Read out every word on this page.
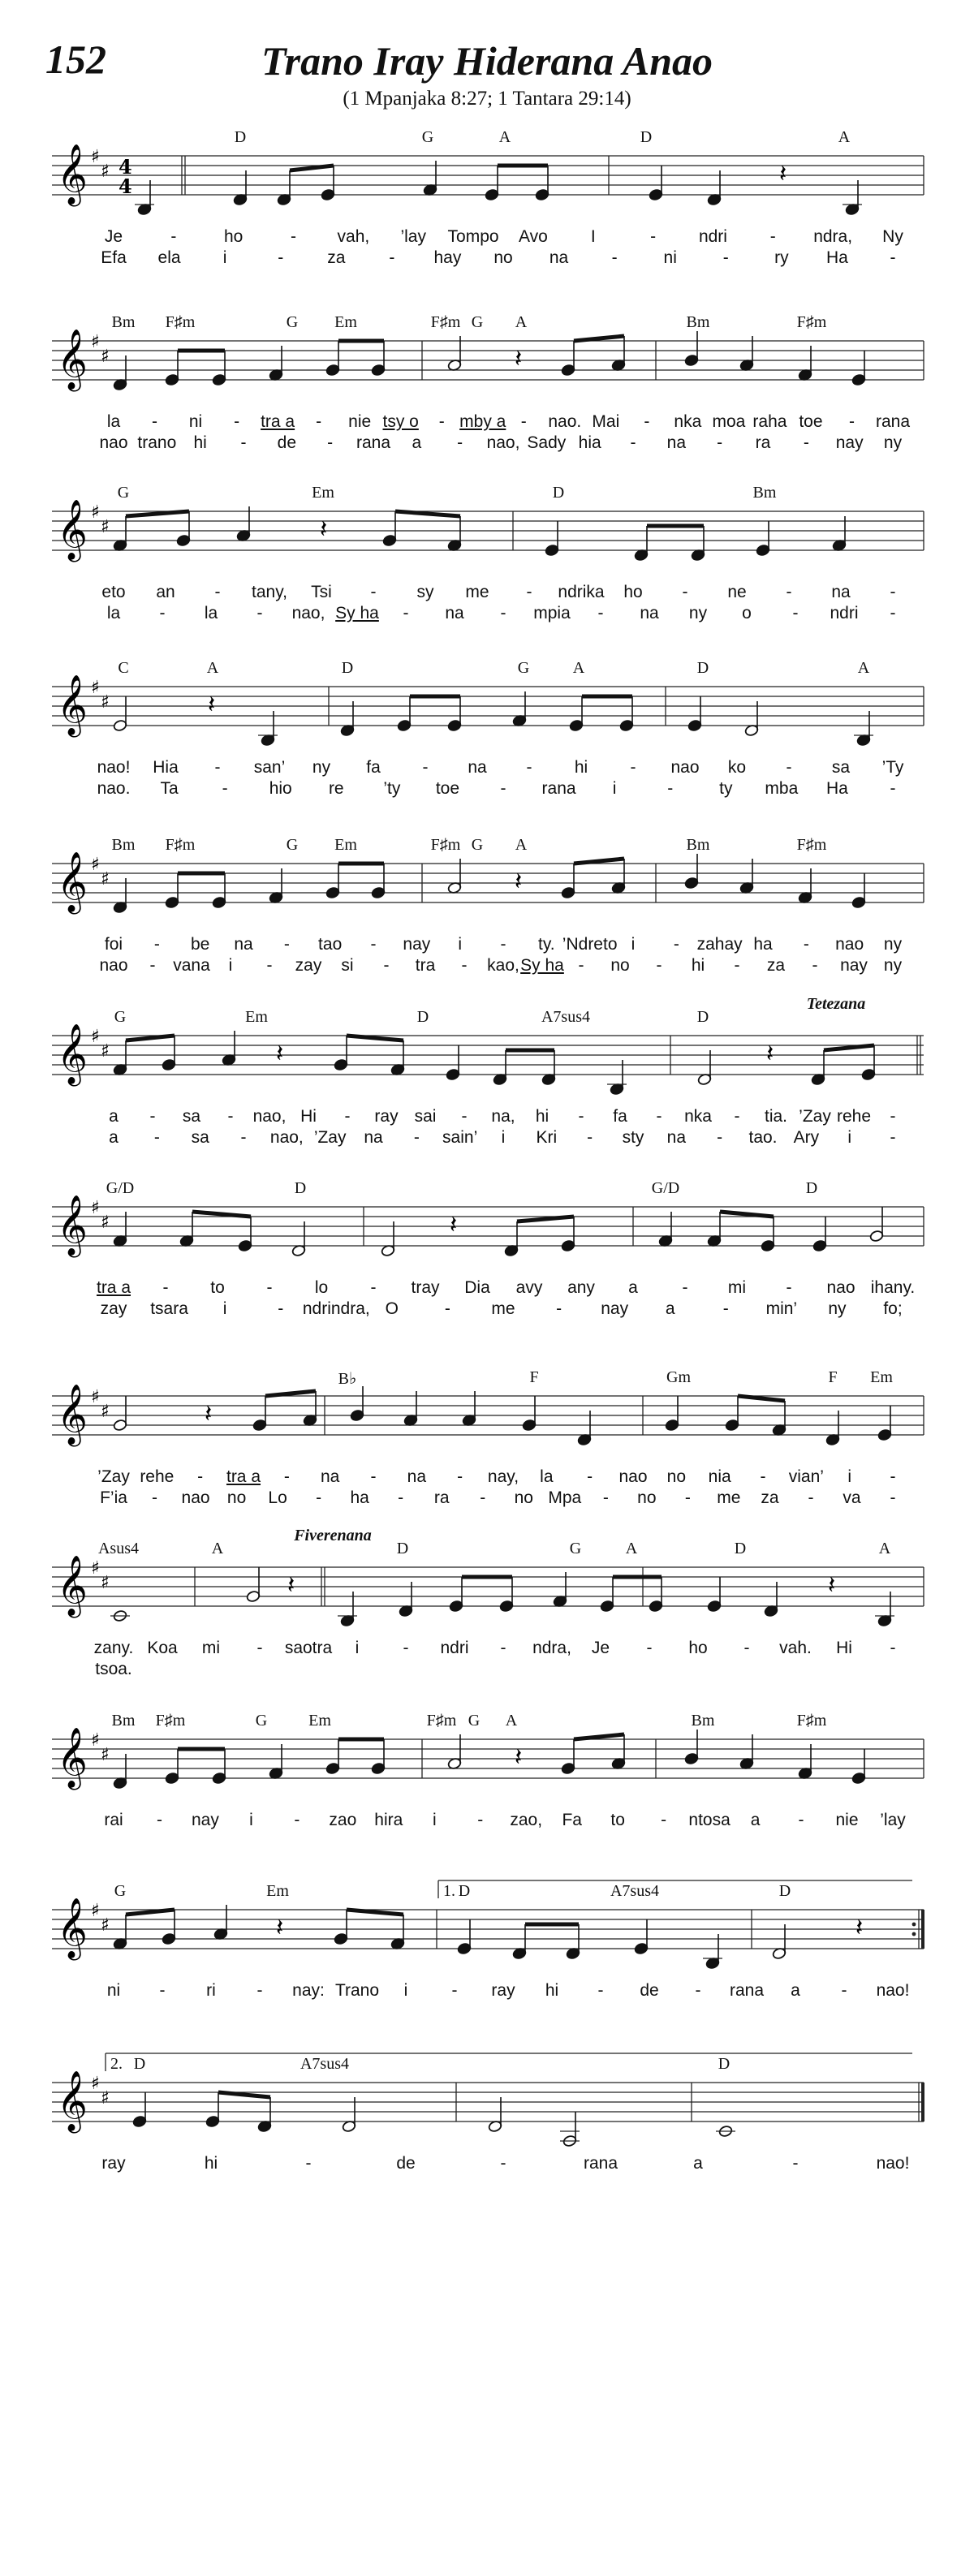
152	Trano Iray Hiderana Anao
(1 Mpanjaka 8:27; 1 Tantara 29:14)
𝄞 ♯
♯ 4
4	𝄽
𝄞 ♯
♯	𝄽
𝄞 ♯
♯	𝄽
𝄞 ♯
♯	𝄽
𝄞 ♯
♯	𝄽
𝄞 ♯
♯	𝄽	𝄽
𝄞 ♯
♯	𝄽
𝄞 ♯
♯	𝄽
𝄞 ♯
♯	𝄽	𝄽
𝄞 ♯
♯	𝄽
𝄞 ♯
♯	𝄽	𝄽
𝄞 ♯
♯
D	G	A	D	A
Je	-	ho	- vah, ’lay Tompo Avo	I	-	ndri	- ndra, Ny
Efa ela i	-	za	- hay no na	-	ni	-	ry Ha -
Bm F♯m	G Em	F♯m G A	Bm	F♯m
la - ni - tra a - nie tsy o - mby a - nao. Mai - nka moa raha toe - rana
nao trano hi - de - rana a - nao, Sady hia - na - ra - nay ny
G	Em	D	Bm
eto an - tany, Tsi - sy me - ndrika ho - ne - na -
la - la - nao, Sy ha - na - mpia - na ny o - ndri -
C	A	D	G	A	D	A
nao! Hia - san’ ny fa - na - hi - nao ko - sa ’Ty
nao. Ta	- hio re ’ty toe - rana i	-	ty mba Ha -
Bm F♯m	G Em	F♯m G A	Bm	F♯m
foi - be na - tao - nay i - ty. ’Ndreto i - zahay ha - nao ny
nao - vana i - zay si - tra - kao, Sy ha - no - hi - za - nay ny
G	Em	D	A7sus4	D
Tetezana
a - sa - nao, Hi - ray sai - na, hi - fa - nka - tia. ’Zay rehe -
a - sa - nao, ’Zay na - sain’ i Kri - sty na - tao. Ary i -
G/D	D	G/D	D
tra a - to - lo - tray Dia avy any a	- mi - nao ihany.
zay tsara i	- ndrindra, O	- me - nay a	- min’ ny fo;
B♭	F	Gm	F Em
’Zay rehe - tra a - na - na - nay, la - nao no nia - vian’ i -
F’ia - nao no Lo - ha - ra - no Mpa - no - me za - va -
Asus4	A	D	G	A	D	A
Fiverenana
zany. Koa mi - saotra i	- ndri - ndra, Je - ho - vah. Hi -
tsoa.
Bm F♯m	G	Em	F♯m G A	Bm	F♯m
rai - nay i - zao hira i - zao, Fa to - ntosa a - nie ’lay
G	Em	D	A7sus4	D
1.
ni - ri - nay: Trano i	- ray hi - de - rana a - nao!
D	A7sus4	D
2.
ray	hi	-	de	-	rana	a	-	nao!
